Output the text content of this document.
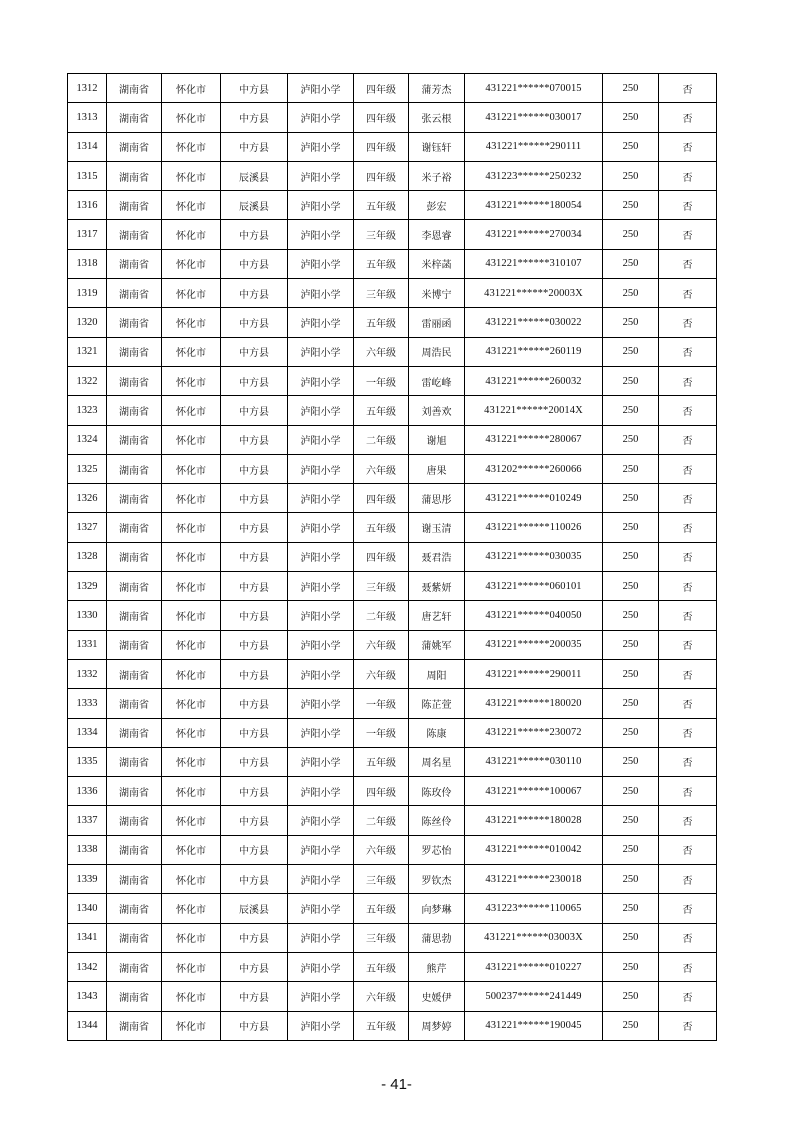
1312	湖南省	怀化市	中方县	泸阳小学	四年级	蒲芳杰	431221******070015	250	否
1313	湖南省	怀化市	中方县	泸阳小学	四年级	张云根	431221******030017	250	否
1314	湖南省	怀化市	中方县	泸阳小学	四年级	谢钰轩	431221******290111	250	否
1315	湖南省	怀化市	辰溪县	泸阳小学	四年级	米子裕	431223******250232	250	否
1316	湖南省	怀化市	辰溪县	泸阳小学	五年级	彭宏	431221******180054	250	否
1317	湖南省	怀化市	中方县	泸阳小学	三年级	李恩睿	431221******270034	250	否
1318	湖南省	怀化市	中方县	泸阳小学	五年级	米梓菡	431221******310107	250	否
1319	湖南省	怀化市	中方县	泸阳小学	三年级	米博宁	431221******20003X	250	否
1320	湖南省	怀化市	中方县	泸阳小学	五年级	雷丽函	431221******030022	250	否
1321	湖南省	怀化市	中方县	泸阳小学	六年级	周浩民	431221******260119	250	否
1322	湖南省	怀化市	中方县	泸阳小学	一年级	雷屹峰	431221******260032	250	否
1323	湖南省	怀化市	中方县	泸阳小学	五年级	刘善欢	431221******20014X	250	否
1324	湖南省	怀化市	中方县	泸阳小学	二年级	谢旭	431221******280067	250	否
1325	湖南省	怀化市	中方县	泸阳小学	六年级	唐果	431202******260066	250	否
1326	湖南省	怀化市	中方县	泸阳小学	四年级	蒲思彤	431221******010249	250	否
1327	湖南省	怀化市	中方县	泸阳小学	五年级	谢玉清	431221******110026	250	否
1328	湖南省	怀化市	中方县	泸阳小学	四年级	聂君浩	431221******030035	250	否
1329	湖南省	怀化市	中方县	泸阳小学	三年级	聂紫妍	431221******060101	250	否
1330	湖南省	怀化市	中方县	泸阳小学	二年级	唐艺轩	431221******040050	250	否
1331	湖南省	怀化市	中方县	泸阳小学	六年级	蒲姚军	431221******200035	250	否
1332	湖南省	怀化市	中方县	泸阳小学	六年级	周阳	431221******290011	250	否
1333	湖南省	怀化市	中方县	泸阳小学	一年级	陈芷萱	431221******180020	250	否
1334	湖南省	怀化市	中方县	泸阳小学	一年级	陈康	431221******230072	250	否
1335	湖南省	怀化市	中方县	泸阳小学	五年级	周名星	431221******030110	250	否
1336	湖南省	怀化市	中方县	泸阳小学	四年级	陈玫伶	431221******100067	250	否
1337	湖南省	怀化市	中方县	泸阳小学	二年级	陈丝伶	431221******180028	250	否
1338	湖南省	怀化市	中方县	泸阳小学	六年级	罗芯怡	431221******010042	250	否
1339	湖南省	怀化市	中方县	泸阳小学	三年级	罗钦杰	431221******230018	250	否
1340	湖南省	怀化市	辰溪县	泸阳小学	五年级	向梦琳	431223******110065	250	否
1341	湖南省	怀化市	中方县	泸阳小学	三年级	蒲思勃	431221******03003X	250	否
1342	湖南省	怀化市	中方县	泸阳小学	五年级	熊芹	431221******010227	250	否
1343	湖南省	怀化市	中方县	泸阳小学	六年级	史媛伊	500237******241449	250	否
1344	湖南省	怀化市	中方县	泸阳小学	五年级	周梦婷	431221******190045	250	否
- 41-
